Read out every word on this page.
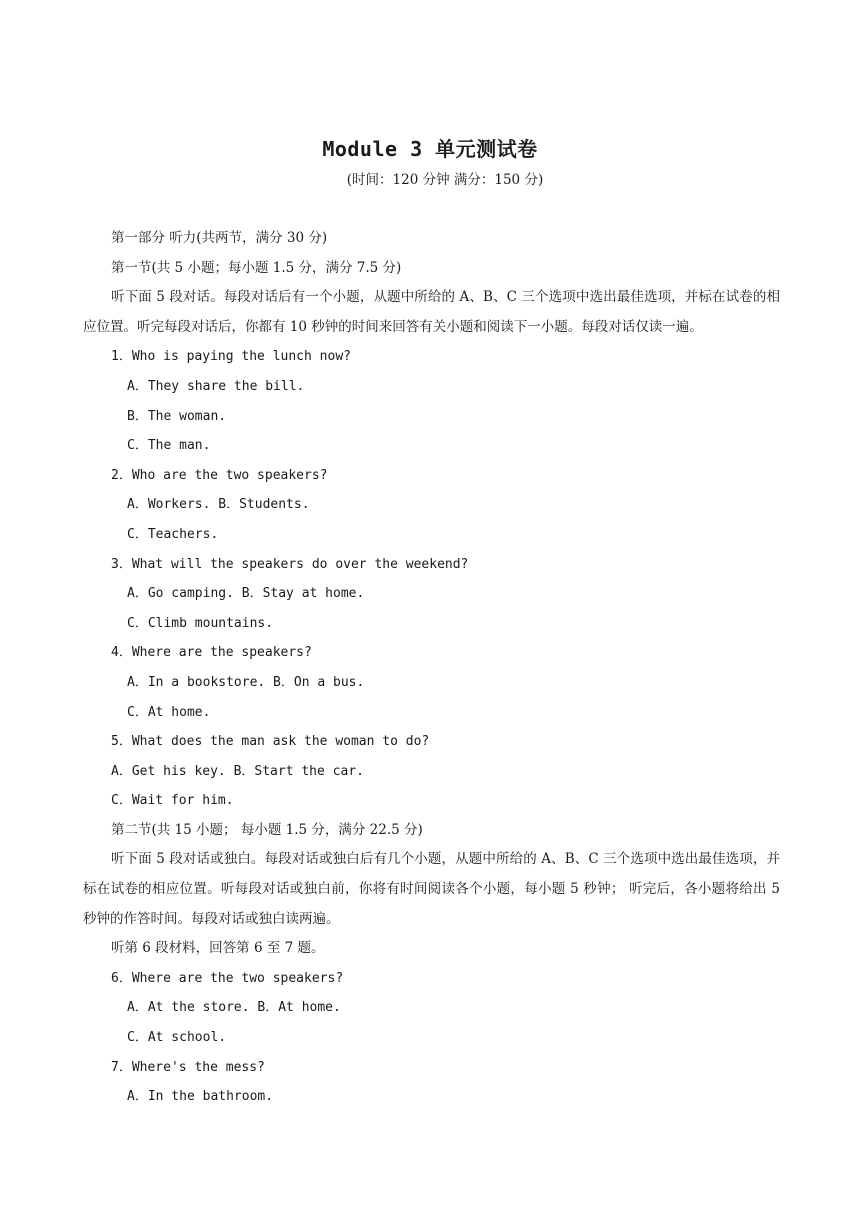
Module 3 单元测试卷
(时间：120 分钟 满分：150 分)
第一部分 听力(共两节，满分 30 分)
第一节(共 5 小题；每小题 1.5 分，满分 7.5 分)
听下面 5 段对话。每段对话后有一个小题，从题中所给的 A、B、C 三个选项中选出最佳选项，并标在试卷的相应位置。听完每段对话后，你都有 10 秒钟的时间来回答有关小题和阅读下一小题。每段对话仅读一遍。
1．Who is paying the lunch now?
A．They share the bill.
B．The woman.
C．The man.
2．Who are the two speakers?
A．Workers. B．Students.
C．Teachers.
3．What will the speakers do over the weekend?
A．Go camping. B．Stay at home.
C．Climb mountains.
4．Where are the speakers?
A．In a bookstore. B．On a bus.
C．At home.
5．What does the man ask the woman to do?
A．Get his key. B．Start the car.
C．Wait for him.
第二节(共 15 小题； 每小题 1.5 分，满分 22.5 分)
听下面 5 段对话或独白。每段对话或独白后有几个小题，从题中所给的 A、B、C 三个选项中选出最佳选项，并标在试卷的相应位置。听每段对话或独白前，你将有时间阅读各个小题，每小题 5 秒钟； 听完后，各小题将给出 5 秒钟的作答时间。每段对话或独白读两遍。
听第 6 段材料，回答第 6 至 7 题。
6．Where are the two speakers?
A．At the store. B．At home.
C．At school.
7．Where's the mess?
A．In the bathroom.
